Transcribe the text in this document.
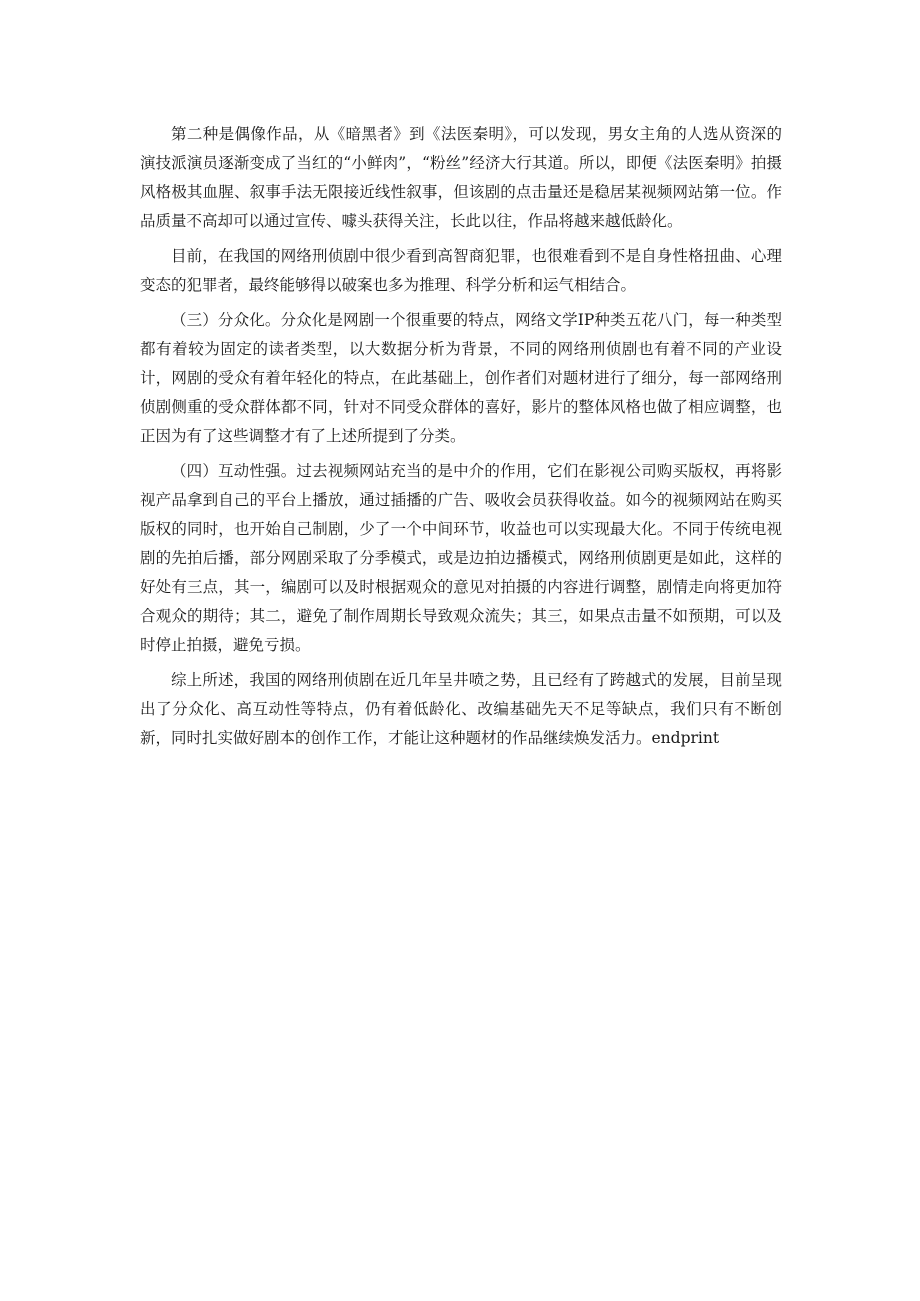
第二种是偶像作品，从《暗黑者》到《法医秦明》，可以发现，男女主角的人选从资深的演技派演员逐渐变成了当红的“小鲜肉”，“粉丝”经济大行其道。所以，即便《法医秦明》拍摄风格极其血腥、叙事手法无限接近线性叙事，但该剧的点击量还是稳居某视频网站第一位。作品质量不高却可以通过宣传、噱头获得关注，长此以往，作品将越来越低龄化。

目前，在我国的网络刑侦剧中很少看到高智商犯罪，也很难看到不是自身性格扭曲、心理变态的犯罪者，最终能够得以破案也多为推理、科学分析和运气相结合。

（三）分众化。分众化是网剧一个很重要的特点，网络文学IP种类五花八门，每一种类型都有着较为固定的读者类型，以大数据分析为背景，不同的网络刑侦剧也有着不同的产业设计，网剧的受众有着年轻化的特点，在此基础上，创作者们对题材进行了细分，每一部网络刑侦剧侧重的受众群体都不同，针对不同受众群体的喜好，影片的整体风格也做了相应调整，也正因为有了这些调整才有了上述所提到了分类。

（四）互动性强。过去视频网站充当的是中介的作用，它们在影视公司购买版权，再将影视产品拿到自己的平台上播放，通过插播的广告、吸收会员获得收益。如今的视频网站在购买版权的同时，也开始自己制剧，少了一个中间环节，收益也可以实现最大化。不同于传统电视剧的先拍后播，部分网剧采取了分季模式，或是边拍边播模式，网络刑侦剧更是如此，这样的好处有三点，其一，编剧可以及时根据观众的意见对拍摄的内容进行调整，剧情走向将更加符合观众的期待；其二，避免了制作周期长导致观众流失；其三，如果点击量不如预期，可以及时停止拍摄，避免亏损。

综上所述，我国的网络刑侦剧在近几年呈井喷之势，且已经有了跨越式的发展，目前呈现出了分众化、高互动性等特点，仍有着低龄化、改编基础先天不足等缺点，我们只有不断创新，同时扎实做好剧本的创作工作，才能让这种题材的作品继续焕发活力。endprint
